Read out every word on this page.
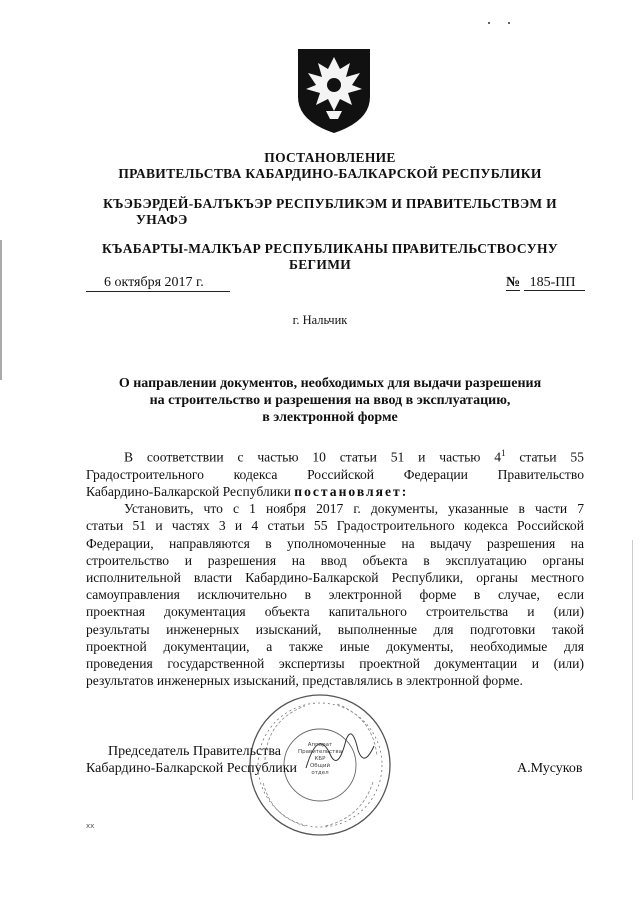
ПОСТАНОВЛЕНИЕ
ПРАВИТЕЛЬСТВА КАБАРДИНО-БАЛКАРСКОЙ РЕСПУБЛИКИ
КЪЭБЭРДЕЙ-БАЛЪКЪЭР РЕСПУБЛИКЭМ И ПРАВИТЕЛЬСТВЭМ И
УНАФЭ
КЪАБАРТЫ-МАЛКЪАР РЕСПУБЛИКАНЫ ПРАВИТЕЛЬСТВОСУНУ
БЕГИМИ
6 октября 2017 г.	№ 185-ПП
г. Нальчик
О направлении документов, необходимых для выдачи разрешения
на строительство и разрешения на ввод в эксплуатацию,
в электронной форме
В соответствии с частью 10 статьи 51 и частью $4^1$ статьи 55
Градостроительного кодекса Российской Федерации Правительство
Кабардино-Балкарской Республики постановляет:
Установить, что с 1 ноября 2017 г. документы, указанные в части 7
статьи 51 и частях 3 и 4 статьи 55 Градостроительного кодекса Российской
Федерации, направляются в уполномоченные на выдачу разрешения на
строительство и разрешения на ввод объекта в эксплуатацию органы
исполнительной власти Кабардино-Балкарской Республики, органы местного
самоуправления исключительно в электронной форме в случае, если
проектная документация объекта капитального строительства и (или)
результаты инженерных изысканий, выполненные для подготовки такой
проектной документации, а также иные документы, необходимые для
проведения государственной экспертизы проектной документации и (или)
результатов инженерных изысканий, представлялись в электронной форме.
Аппарат
Правительства
КБР
Общий
отдел
Председатель Правительства
Кабардино-Балкарской Республики	А.Мусуков
xx
